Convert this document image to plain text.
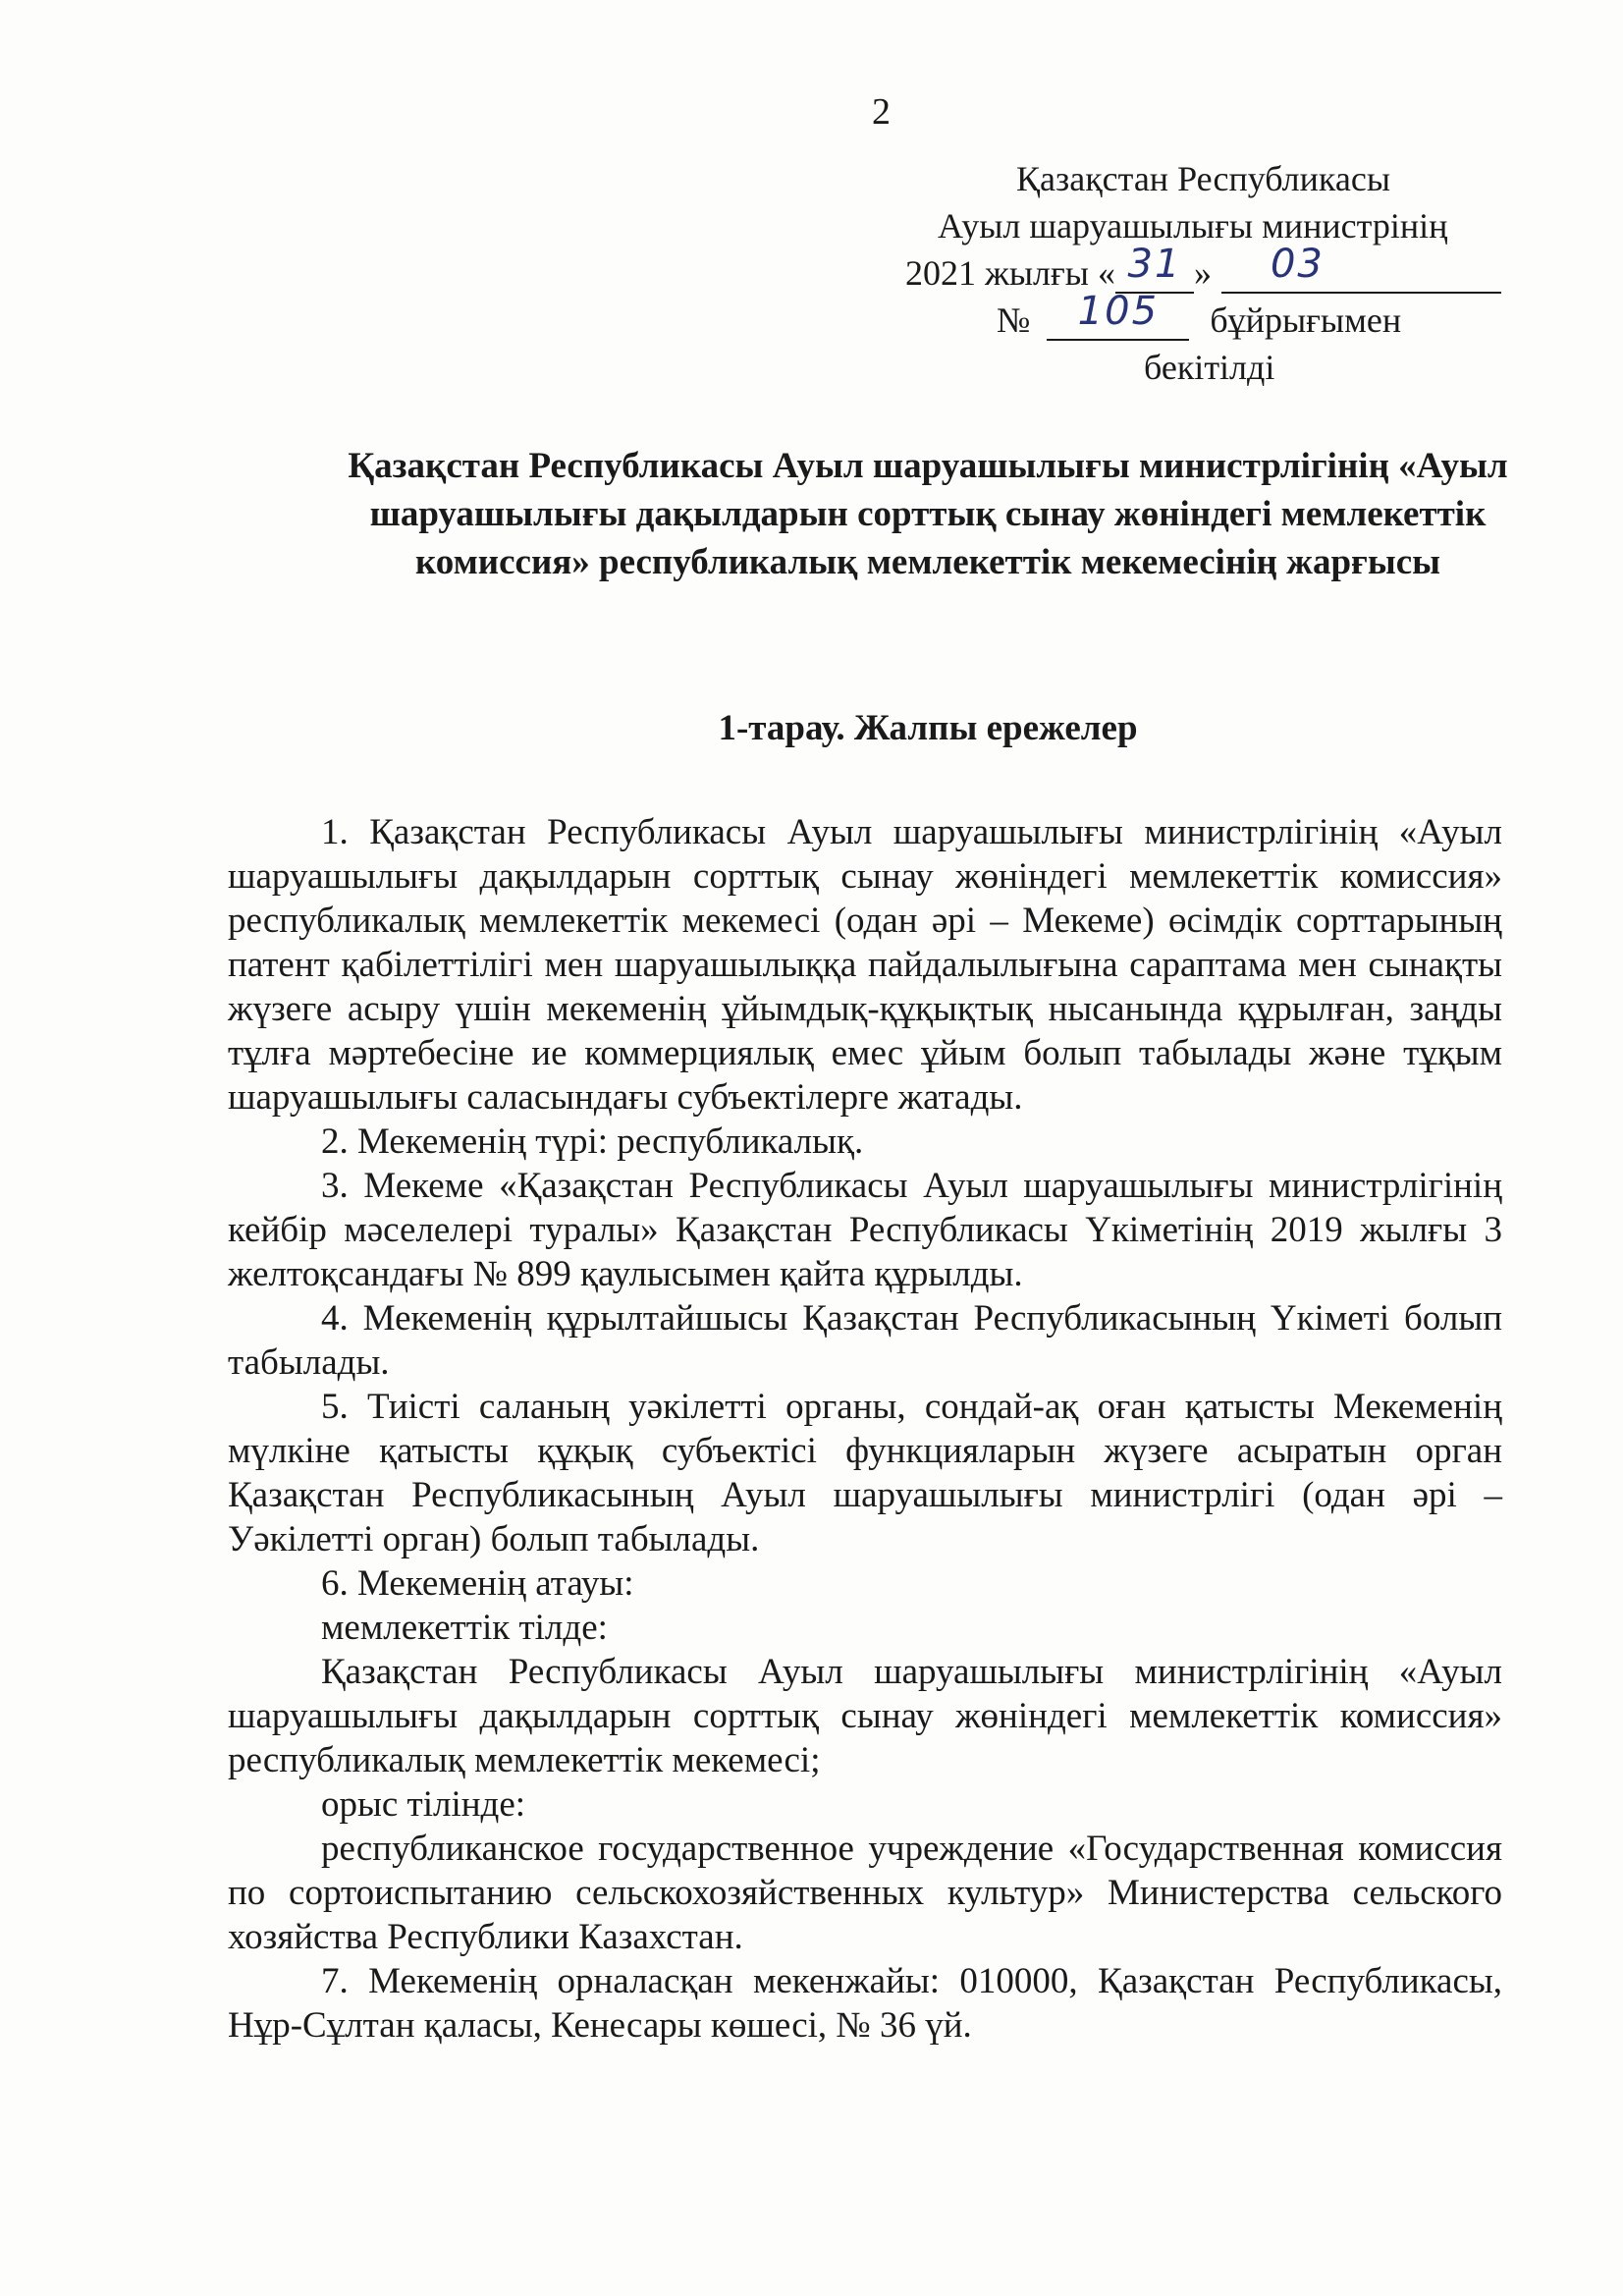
2
Қазақстан Республикасы
Ауыл шаруашылығы министрінің
2021 жылғы « 31 » 03
№ 105 бұйрығымен
бекітілді
Қазақстан Республикасы Ауыл шаруашылығы министрлігінің «Ауыл шаруашылығы дақылдарын сорттық сынау жөніндегі мемлекеттік комиссия» республикалық мемлекеттік мекемесінің жарғысы
1-тарау. Жалпы ережелер

1. Қазақстан Республикасы Ауыл шаруашылығы министрлігінің «Ауыл шаруашылығы дақылдарын сорттық сынау жөніндегі мемлекеттік комиссия» республикалық мемлекеттік мекемесі (одан әрі – Мекеме) өсімдік сорттарының патент қабілеттілігі мен шаруашылыққа пайдалылығына сараптама мен сынақты жүзеге асыру үшін мекеменің ұйымдық-құқықтық нысанында құрылған, заңды тұлға мәртебесіне ие коммерциялық емес ұйым болып табылады және тұқым шаруашылығы саласындағы субъектілерге жатады.

2. Мекеменің түрі: республикалық.

3. Мекеме «Қазақстан Республикасы Ауыл шаруашылығы министрлігінің кейбір мәселелері туралы» Қазақстан Республикасы Үкіметінің 2019 жылғы 3 желтоқсандағы № 899 қаулысымен қайта құрылды.

4. Мекеменің құрылтайшысы Қазақстан Республикасының Үкіметі болып табылады.

5. Тиісті саланың уәкілетті органы, сондай-ақ оған қатысты Мекеменің мүлкіне қатысты құқық субъектісі функцияларын жүзеге асыратын орган Қазақстан Республикасының Ауыл шаруашылығы министрлігі (одан әрі – Уәкілетті орган) болып табылады.

6. Мекеменің атауы:

мемлекеттік тілде:

Қазақстан Республикасы Ауыл шаруашылығы министрлігінің «Ауыл шаруашылығы дақылдарын сорттық сынау жөніндегі мемлекеттік комиссия» республикалық мемлекеттік мекемесі;

орыс тілінде:

республиканское государственное учреждение «Государственная комиссия по сортоиспытанию сельскохозяйственных культур» Министерства сельского хозяйства Республики Казахстан.

7. Мекеменің орналасқан мекенжайы: 010000, Қазақстан Республикасы, Нұр-Сұлтан қаласы, Кенесары көшесі, № 36 үй.
